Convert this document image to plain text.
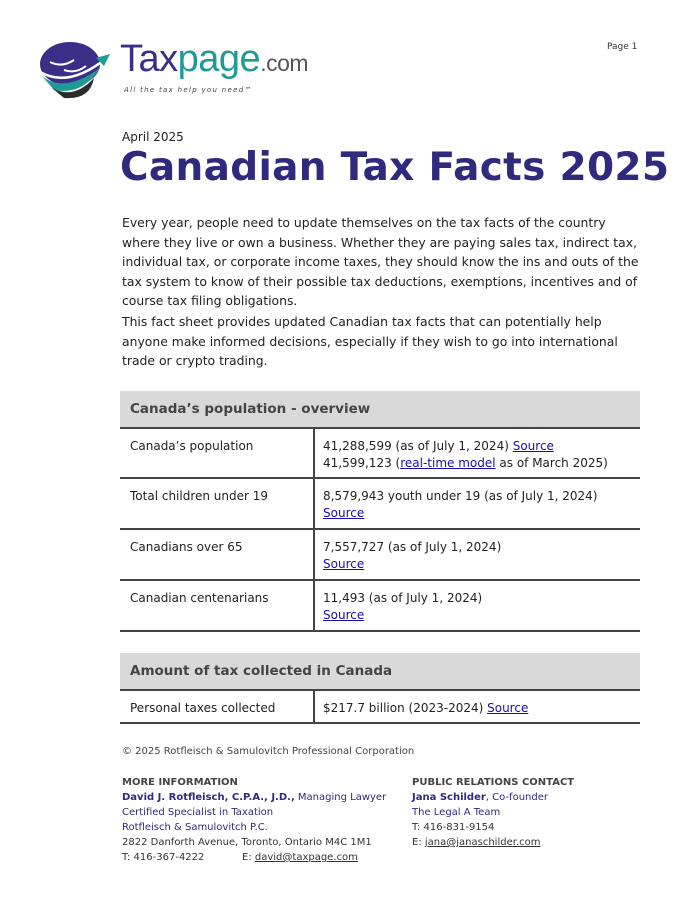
Page 1
Taxpage.com
All the tax help you need™
April 2025
Canadian Tax Facts 2025

Every year, people need to update themselves on the tax facts of the country where they live or own a business. Whether they are paying sales tax, indirect tax, individual tax, or corporate income taxes, they should know the ins and outs of the tax system to know of their possible tax deductions, exemptions, incentives and of course tax filing obligations.

This fact sheet provides updated Canadian tax facts that can potentially help anyone make informed decisions, especially if they wish to go into international trade or crypto trading.

Canada’s population - overview
Canada’s population	41,288,599 (as of July 1, 2024) Source
41,599,123 (real-time model as of March 2025)
Total children under 19	8,579,943 youth under 19 (as of July 1, 2024)
Source
Canadians over 65	7,557,727 (as of July 1, 2024)
Source
Canadian centenarians	11,493 (as of July 1, 2024)
Source
Amount of tax collected in Canada
Personal taxes collected	$217.7 billion (2023-2024) Source
© 2025 Rotfleisch & Samulovitch Professional Corporation
MORE INFORMATION
David J. Rotfleisch, C.P.A., J.D., Managing Lawyer
Certified Specialist in Taxation
Rotfleisch & Samulovitch P.C.
2822 Danforth Avenue, Toronto, Ontario M4C 1M1
T: 416-367-4222	E: david@taxpage.com
PUBLIC RELATIONS CONTACT
Jana Schilder, Co-founder
The Legal A Team
T: 416-831-9154
E: jana@janaschilder.com
